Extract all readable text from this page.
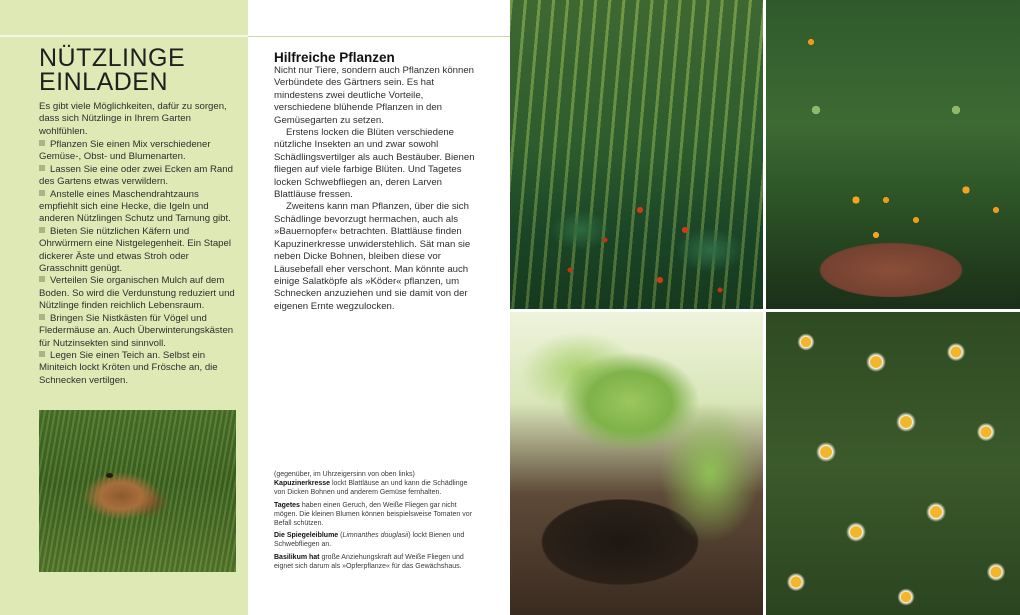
NÜTZLINGE
EINLADEN
Es gibt viele Möglichkeiten, dafür zu sorgen, dass sich Nützlinge in Ihrem Garten wohlfühlen.
Pflanzen Sie einen Mix verschiedener Gemüse-, Obst- und Blumenarten.
Lassen Sie eine oder zwei Ecken am Rand des Gartens etwas verwildern.
Anstelle eines Maschendrahtzauns empfiehlt sich eine Hecke, die Igeln und anderen Nützlingen Schutz und Tarnung gibt.
Bieten Sie nützlichen Käfern und Ohrwürmern eine Nistgelegenheit. Ein Stapel dickerer Äste und etwas Stroh oder Grasschnitt genügt.
Verteilen Sie organischen Mulch auf dem Boden. So wird die Verdunstung reduziert und Nützlinge finden reichlich Lebensraum.
Bringen Sie Nistkästen für Vögel und Fledermäuse an. Auch Überwinterungskästen für Nutzinsekten sind sinnvoll.
Legen Sie einen Teich an. Selbst ein Miniteich lockt Kröten und Frösche an, die Schnecken vertilgen.
Hilfreiche Pflanzen

Nicht nur Tiere, sondern auch Pflanzen können Verbündete des Gärtners sein. Es hat mindestens zwei deutliche Vorteile, verschiedene blühende Pflanzen in den Gemüsegarten zu setzen.

Erstens locken die Blüten verschiedene nützliche Insekten an und zwar sowohl Schädlingsvertilger als auch Bestäuber. Bienen fliegen auf viele farbige Blüten. Und Tagetes locken Schwebfliegen an, deren Larven Blattläuse fressen.

Zweitens kann man Pflanzen, über die sich Schädlinge bevorzugt hermachen, auch als »Bauernopfer« betrachten. Blattläuse finden Kapuzinerkresse unwiderstehlich. Sät man sie neben Dicke Bohnen, bleiben diese vor Läusebefall eher verschont. Man könnte auch einige Salatköpfe als »Köder« pflanzen, um Schnecken anzuziehen und sie damit von der eigenen Ernte wegzulocken.

(gegenüber, im Uhrzeigersinn von oben links)

Kapuzinerkresse lockt Blattläuse an und kann die Schädlinge von Dicken Bohnen und anderem Gemüse fernhalten.

Tagetes haben einen Geruch, den Weiße Fliegen gar nicht mögen. Die kleinen Blumen können beispielsweise Tomaten vor Befall schützen.

Die Spiegeleiblume (Limnanthes douglasii) lockt Bienen und Schwebfliegen an.

Basilikum hat große Anziehungskraft auf Weiße Fliegen und eignet sich darum als »Opferpflanze« für das Gewächshaus.
